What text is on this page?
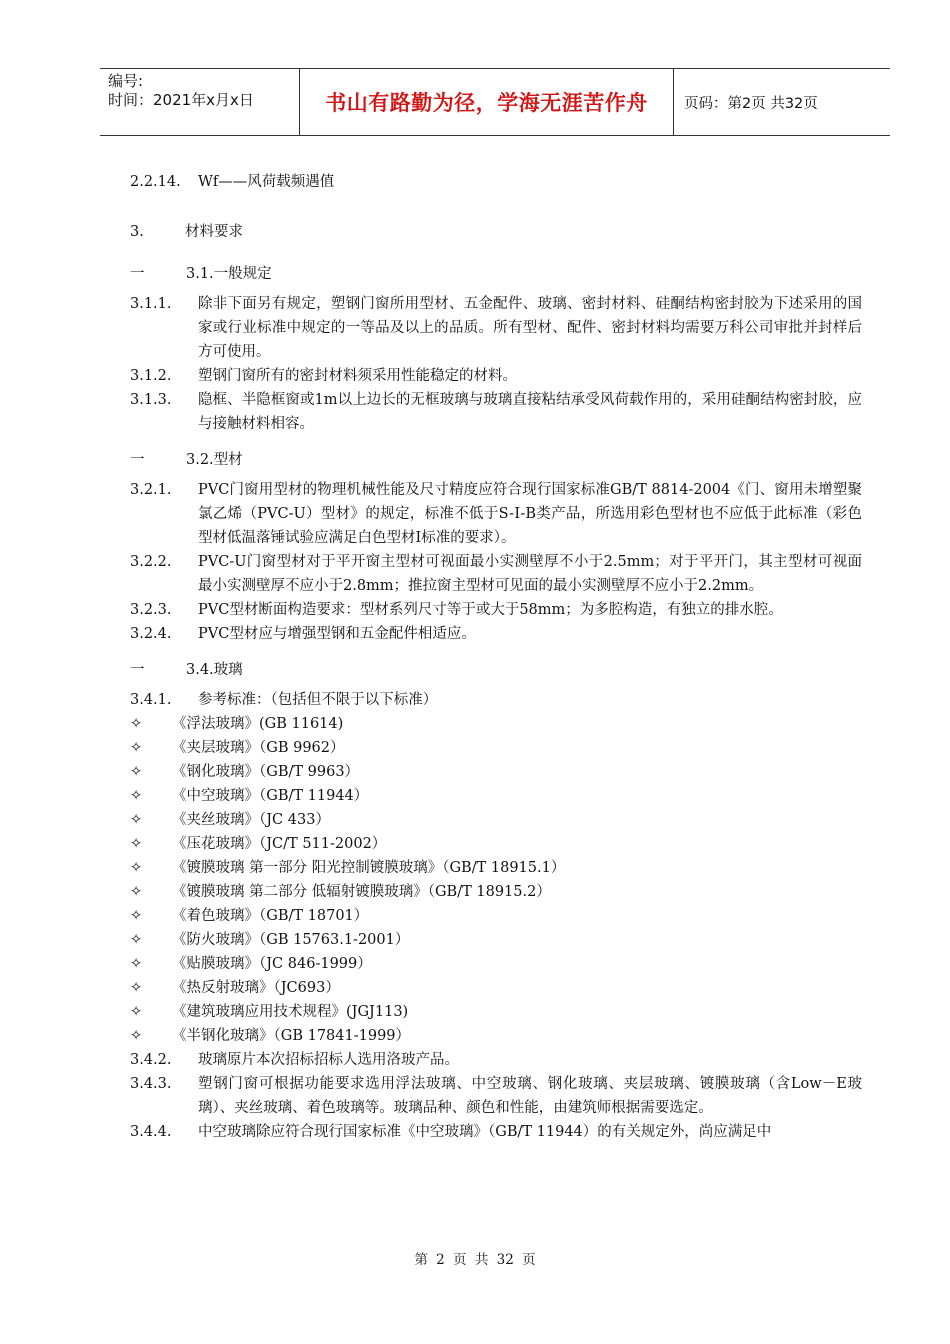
编号:
时间：2021年x月x日	书山有路勤为径，学海无涯苦作舟	页码：第2页 共32页
2.2.14.	Wf——风荷载频遇值
3.	材料要求
一	3.1.一般规定
3.1.1.	除非下面另有规定，塑钢门窗所用型材、五金配件、玻璃、密封材料、硅酮结构密封胶为下述采用的国家或行业标准中规定的一等品及以上的品质。所有型材、配件、密封材料均需要万科公司审批并封样后方可使用。
3.1.2.	塑钢门窗所有的密封材料须采用性能稳定的材料。
3.1.3.	隐框、半隐框窗或1m以上边长的无框玻璃与玻璃直接粘结承受风荷载作用的，采用硅酮结构密封胶，应与接触材料相容。
一	3.2.型材
3.2.1.	PVC门窗用型材的物理机械性能及尺寸精度应符合现行国家标准GB/T 8814-2004《门、窗用未增塑聚氯乙烯（PVC-U）型材》的规定，标准不低于S-Ⅰ-B类产品，所选用彩色型材也不应低于此标准（彩色型材低温落锤试验应满足白色型材Ⅰ标准的要求）。
3.2.2.	PVC-U门窗型材对于平开窗主型材可视面最小实测壁厚不小于2.5mm；对于平开门，其主型材可视面最小实测壁厚不应小于2.8mm；推拉窗主型材可见面的最小实测壁厚不应小于2.2mm。
3.2.3.	PVC型材断面构造要求：型材系列尺寸等于或大于58mm；为多腔构造，有独立的排水腔。
3.2.4.	PVC型材应与增强型钢和五金配件相适应。
一	3.4.玻璃
3.4.1.	参考标准：（包括但不限于以下标准）
✧	《浮法玻璃》(GB 11614)
✧	《夹层玻璃》（GB 9962）
✧	《钢化玻璃》（GB/T 9963）
✧	《中空玻璃》（GB/T 11944）
✧	《夹丝玻璃》（JC 433）
✧	《压花玻璃》（JC/T 511-2002）
✧	《镀膜玻璃 第一部分 阳光控制镀膜玻璃》（GB/T 18915.1）
✧	《镀膜玻璃 第二部分 低辐射镀膜玻璃》（GB/T 18915.2）
✧	《着色玻璃》（GB/T 18701）
✧	《防火玻璃》（GB 15763.1-2001）
✧	《贴膜玻璃》（JC 846-1999）
✧	《热反射玻璃》（JC693）
✧	《建筑玻璃应用技术规程》(JGJ113)
✧	《半钢化玻璃》（GB 17841-1999）
3.4.2.	玻璃原片本次招标招标人选用洛玻产品。
3.4.3.	塑钢门窗可根据功能要求选用浮法玻璃、中空玻璃、钢化玻璃、夹层玻璃、镀膜玻璃（含Low－E玻璃）、夹丝玻璃、着色玻璃等。玻璃品种、颜色和性能，由建筑师根据需要选定。
3.4.4.	中空玻璃除应符合现行国家标准《中空玻璃》（GB/T 11944）的有关规定外，尚应满足中
第 2 页 共 32 页
